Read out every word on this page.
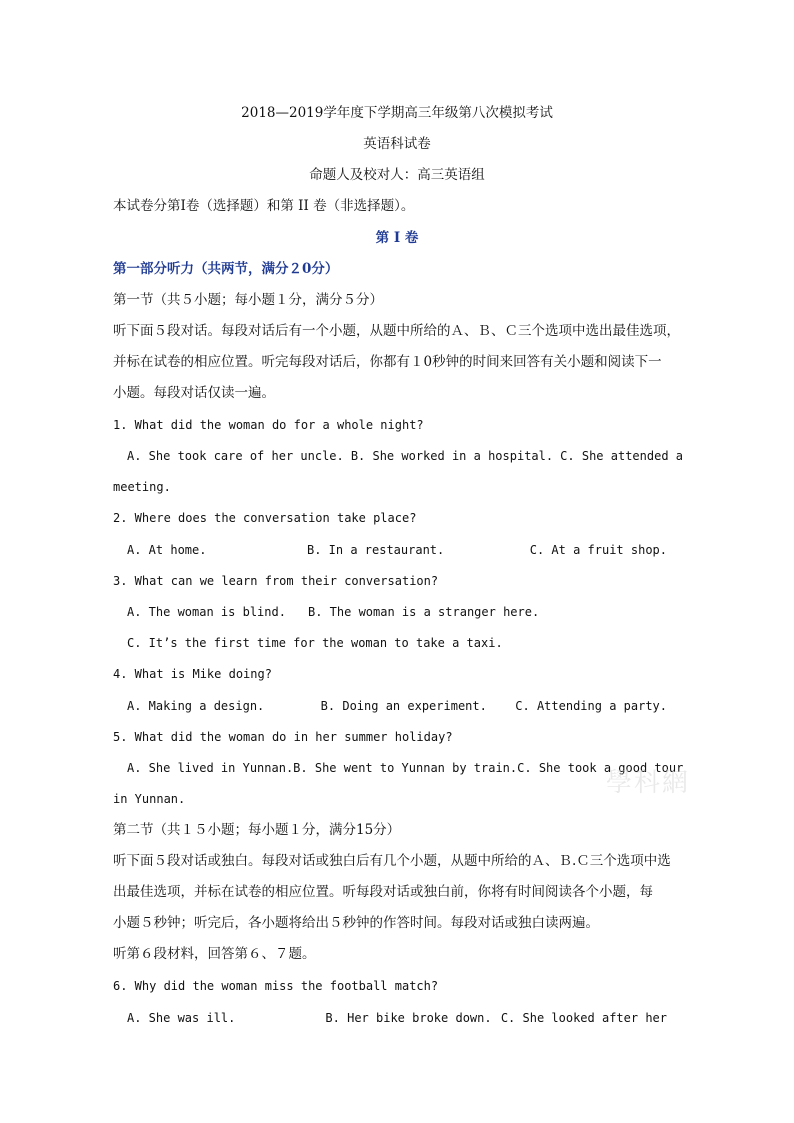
2018—2019学年度下学期高三年级第八次模拟考试
英语科试卷
命题人及校对人：高三英语组
本试卷分第Ⅰ卷（选择题）和第 II 卷（非选择题）。
第 I 卷
第一部分听力（共两节，满分２0分）
第一节（共５小题；每小题１分，满分５分）
听下面５段对话。每段对话后有一个小题，从题中所给的Ａ、Ｂ、Ｃ三个选项中选出最佳选项，
并标在试卷的相应位置。听完每段对话后，你都有１0秒钟的时间来回答有关小题和阅读下一
小题。每段对话仅读一遍。
1. What did the woman do for a whole night?
A. She took care of her uncle. B. She worked in a hospital. C. She attended a
meeting.
2. Where does the conversation take place?
A. At home.	B. In a restaurant.	C. At a fruit shop.
3. What can we learn from their conversation?
A. The woman is blind.	B. The woman is a stranger here.
C. It’s the first time for the woman to take a taxi.
4. What is Mike doing?
A. Making a design.	B. Doing an experiment.	C. Attending a party.
5. What did the woman do in her summer holiday?
A. She lived in Yunnan. B. She went to Yunnan by train. C. She took a good tour
in Yunnan.
第二节（共１５小题；每小题１分，满分15分）
听下面５段对话或独白。每段对话或独白后有几个小题，从题中所给的Ａ、Ｂ.Ｃ三个选项中选
出最佳选项，并标在试卷的相应位置。听每段对话或独白前，你将有时间阅读各个小题，每
小题５秒钟；听完后，各小题将给出５秒钟的作答时间。每段对话或独白读两遍。
听第６段材料，回答第６、７题。
6. Why did the woman miss the football match?
A. She was ill.	B. Her bike broke down. C. She looked after her
學科網
